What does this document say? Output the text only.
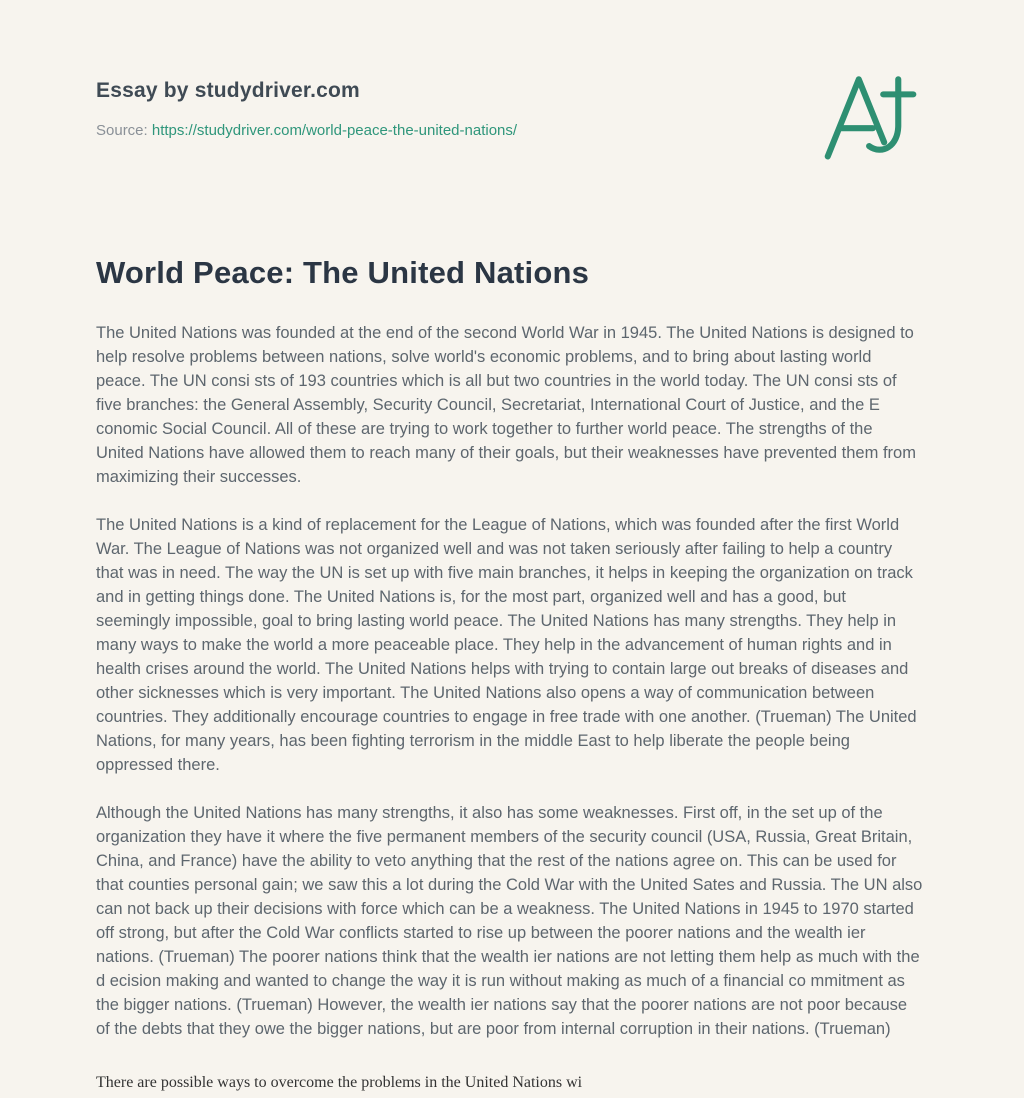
Essay by studydriver.com
Source: https://studydriver.com/world-peace-the-united-nations/
World Peace: The United Nations

The United Nations was founded at the end of the second World War in 1945. The United Nations is designed to help resolve problems between nations, solve world's economic problems, and to bring about lasting world peace. The UN consi sts of 193 countries which is all but two countries in the world today. The UN consi sts of five branches: the General Assembly, Security Council, Secretariat, International Court of Justice, and the E conomic Social Council. All of these are trying to work together to further world peace. The strengths of the United Nations have allowed them to reach many of their goals, but their weaknesses have prevented them from maximizing their successes.

The United Nations is a kind of replacement for the League of Nations, which was founded after the first World War. The League of Nations was not organized well and was not taken seriously after failing to help a country that was in need. The way the UN is set up with five main branches, it helps in keeping the organization on track and in getting things done. The United Nations is, for the most part, organized well and has a good, but seemingly impossible, goal to bring lasting world peace. The United Nations has many strengths. They help in many ways to make the world a more peaceable place. They help in the advancement of human rights and in health crises around the world. The United Nations helps with trying to contain large out breaks of diseases and other sicknesses which is very important. The United Nations also opens a way of communication between countries. They additionally encourage countries to engage in free trade with one another. (Trueman) The United Nations, for many years, has been fighting terrorism in the middle East to help liberate the people being oppressed there.

Although the United Nations has many strengths, it also has some weaknesses. First off, in the set up of the organization they have it where the five permanent members of the security council (USA, Russia, Great Britain, China, and France) have the ability to veto anything that the rest of the nations agree on. This can be used for that counties personal gain; we saw this a lot during the Cold War with the United Sates and Russia. The UN also can not back up their decisions with force which can be a weakness. The United Nations in 1945 to 1970 started off strong, but after the Cold War conflicts started to rise up between the poorer nations and the wealth ier nations. (Trueman) The poorer nations think that the wealth ier nations are not letting them help as much with the d ecision making and wanted to change the way it is run without making as much of a financial co mmitment as the bigger nations. (Trueman) However, the wealth ier nations say that the poorer nations are not poor because of the debts that they owe the bigger nations, but are poor from internal corruption in their nations. (Trueman)

There are possible ways to overcome the problems in the United Nations wi
